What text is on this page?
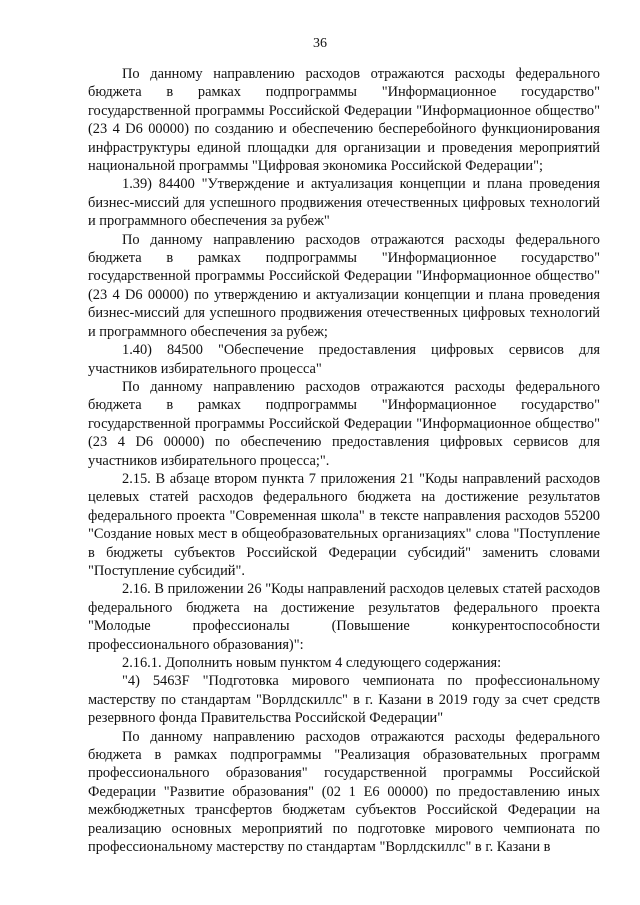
36

По данному направлению расходов отражаются расходы федерального бюджета в рамках подпрограммы "Информационное государство" государственной программы Российской Федерации "Информационное общество" (23 4 D6 00000) по созданию и обеспечению бесперебойного функционирования инфраструктуры единой площадки для организации и проведения мероприятий национальной программы "Цифровая экономика Российской Федерации";

1.39) 84400 "Утверждение и актуализация концепции и плана проведения бизнес-миссий для успешного продвижения отечественных цифровых технологий и программного обеспечения за рубеж"

По данному направлению расходов отражаются расходы федерального бюджета в рамках подпрограммы "Информационное государство" государственной программы Российской Федерации "Информационное общество" (23 4 D6 00000) по утверждению и актуализации концепции и плана проведения бизнес-миссий для успешного продвижения отечественных цифровых технологий и программного обеспечения за рубеж;

1.40) 84500 "Обеспечение предоставления цифровых сервисов для участников избирательного процесса"

По данному направлению расходов отражаются расходы федерального бюджета в рамках подпрограммы "Информационное государство" государственной программы Российской Федерации "Информационное общество" (23 4 D6 00000) по обеспечению предоставления цифровых сервисов для участников избирательного процесса;".

2.15. В абзаце втором пункта 7 приложения 21 "Коды направлений расходов целевых статей расходов федерального бюджета на достижение результатов федерального проекта "Современная школа" в тексте направления расходов 55200 "Создание новых мест в общеобразовательных организациях" слова "Поступление в бюджеты субъектов Российской Федерации субсидий" заменить словами "Поступление субсидий".

2.16. В приложении 26 "Коды направлений расходов целевых статей расходов федерального бюджета на достижение результатов федерального проекта "Молодые профессионалы (Повышение конкурентоспособности профессионального образования)":

2.16.1. Дополнить новым пунктом 4 следующего содержания:

"4) 5463F "Подготовка мирового чемпионата по профессиональному мастерству по стандартам "Ворлдскиллс" в г. Казани в 2019 году за счет средств резервного фонда Правительства Российской Федерации"

По данному направлению расходов отражаются расходы федерального бюджета в рамках подпрограммы "Реализация образовательных программ профессионального образования" государственной программы Российской Федерации "Развитие образования" (02 1 Е6 00000) по предоставлению иных межбюджетных трансфертов бюджетам субъектов Российской Федерации на реализацию основных мероприятий по подготовке мирового чемпионата по профессиональному мастерству по стандартам "Ворлдскиллс" в г. Казани в
